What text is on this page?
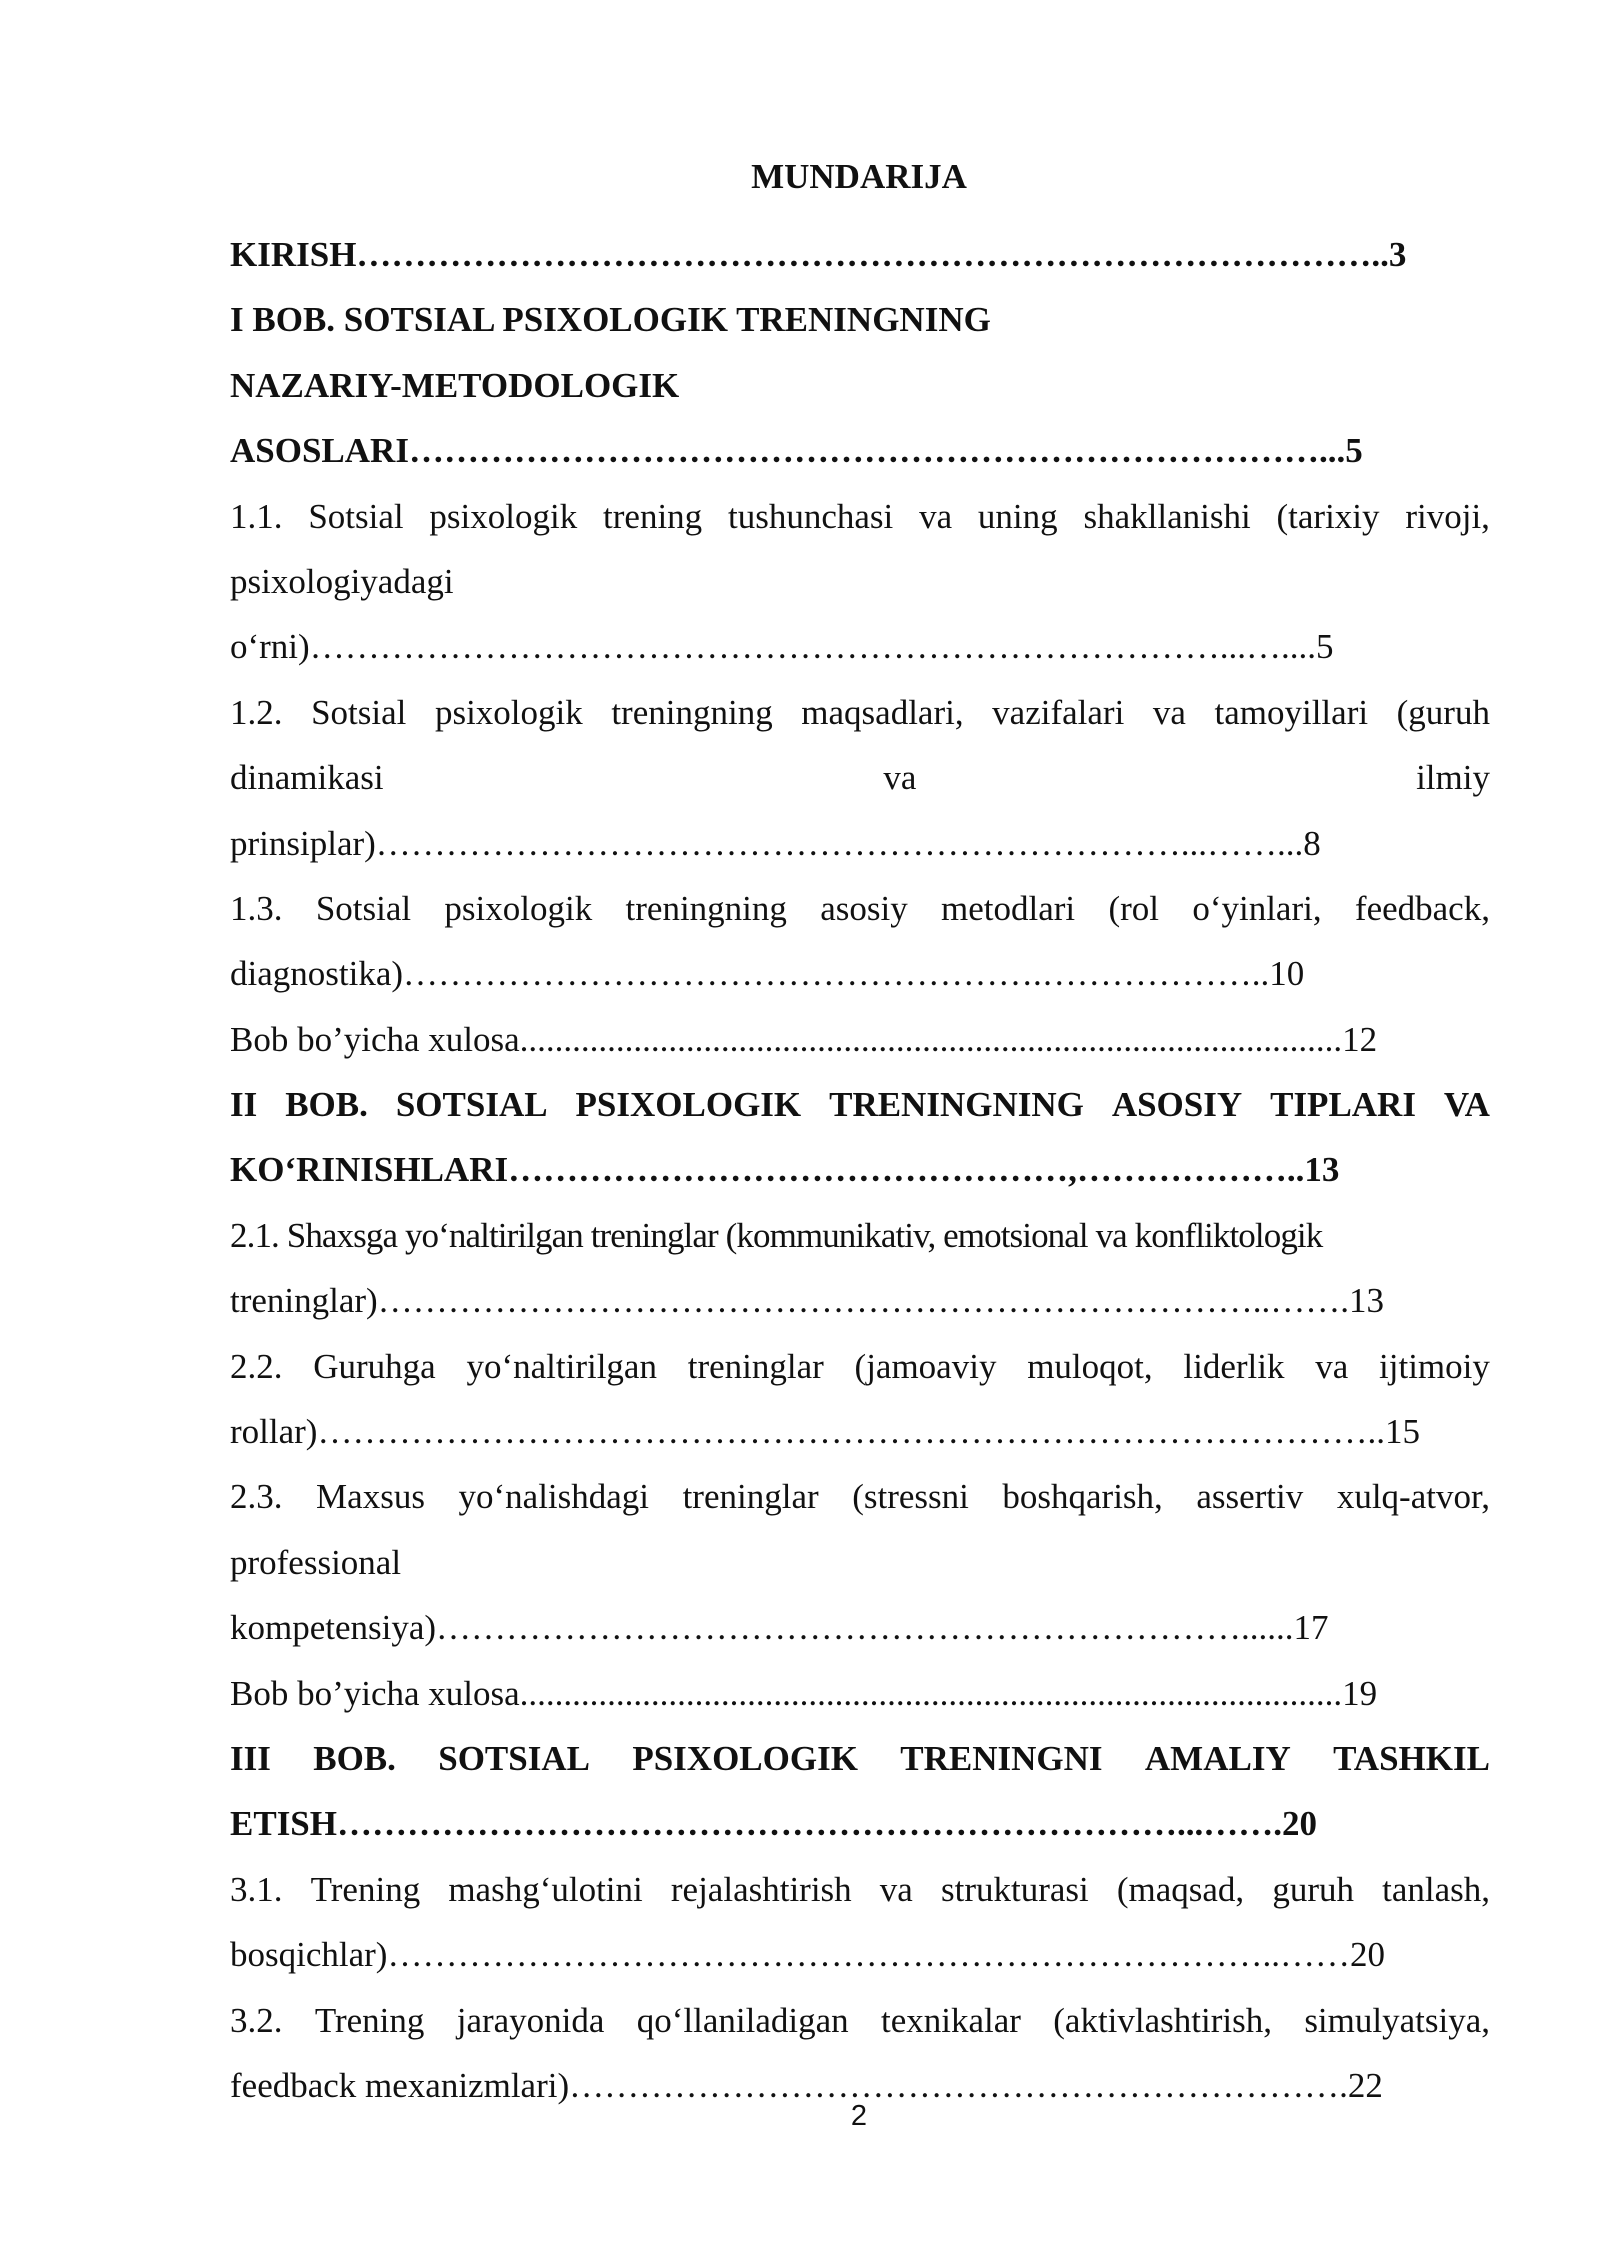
MUNDARIJA
KIRISH……………………………………………………………………………..3
I BOB. SOTSIAL PSIXOLOGIK TRENINGNING
NAZARIY-METODOLOGIK
ASOSLARI……………………………………………………………………...5
1.1. Sotsial psixologik trening tushunchasi va uning shakllanishi (tarixiy rivoji,
psixologiyadagi
o‘rni)……………………………………………………………………...…....5
1.2. Sotsial psixologik treningning maqsadlari, vazifalari va tamoyillari (guruh
dinamikasi	va	ilmiy
prinsiplar)……………………………………………………………...……...8
1.3. Sotsial psixologik treningning asosiy metodlari (rol o‘yinlari, feedback,
diagnostika)……………………………………………….………………..10
Bob bo’yicha xulosa..............................................................................................12
II BOB. SOTSIAL PSIXOLOGIK TRENINGNING ASOSIY TIPLARI VA
KO‘RINISHLARI…………………………………………,………………..13
2.1. Shaxsga yo‘naltirilgan treninglar (kommunikativ, emotsional va konfliktologik
treninglar)…………………………………………………………………..…….13
2.2. Guruhga yo‘naltirilgan treninglar (jamoaviy muloqot, liderlik va ijtimoiy
rollar)………………………………………………………………………………..15
2.3. Maxsus yo‘nalishdagi treninglar (stressni boshqarish, assertiv xulq-atvor,
professional
kompetensiya)……………………………………………………………......17
Bob bo’yicha xulosa..............................................................................................19
III BOB. SOTSIAL PSIXOLOGIK TRENINGNI AMALIY TASHKIL
ETISH………………………………………………………………...…….20
3.1. Trening mashg‘ulotini rejalashtirish va strukturasi (maqsad, guruh tanlash,
bosqichlar)…………………………………………………………………..……20
3.2. Trening jarayonida qo‘llaniladigan texnikalar (aktivlashtirish, simulyatsiya,
feedback mexanizmlari)………………………………………………………….22
2
